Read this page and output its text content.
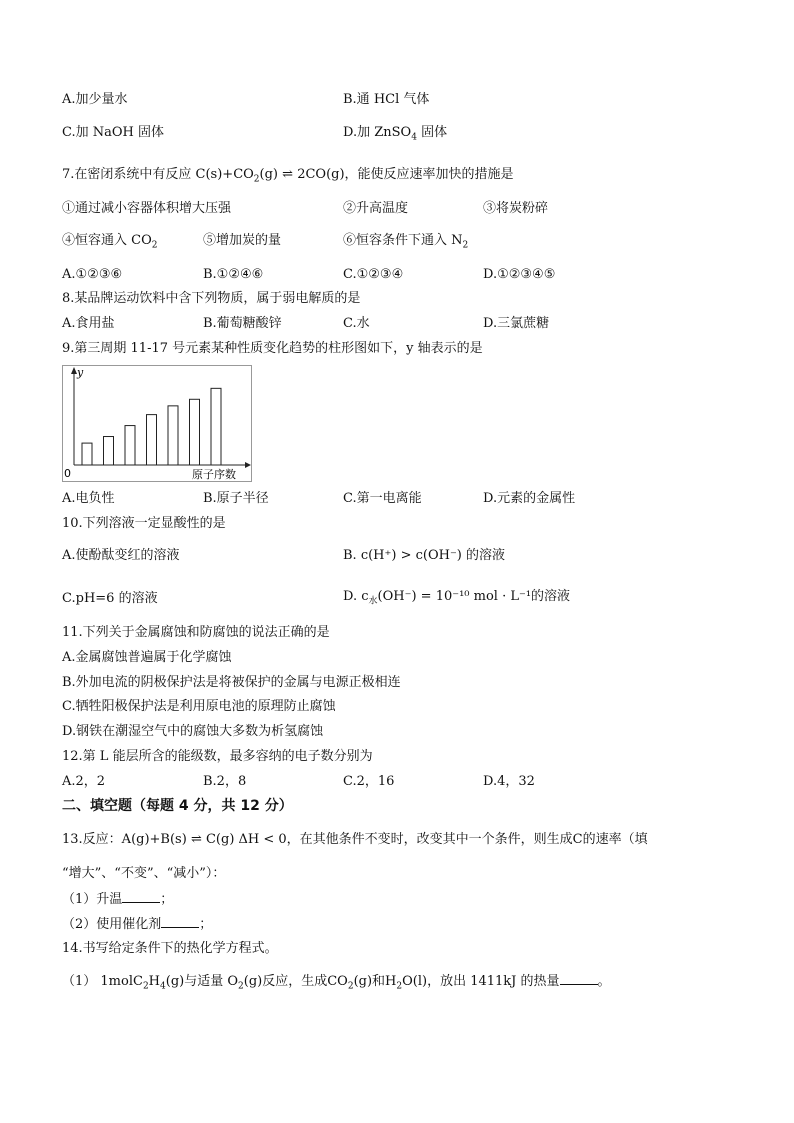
A.加少量水	B.通 HCl 气体
C.加 NaOH 固体	D.加 ZnSO$_4$ 固体
7.在密闭系统中有反应 $C(s)+CO_2(g)$ ⇌ 2CO(g)，能使反应速率加快的措施是
①通过减小容器体积增大压强	②升高温度	③将炭粉碎
④恒容通入 $CO_2$	⑤增加炭的量	⑥恒容条件下通入 $N_2$
A.①②③⑥	B.①②④⑥	C.①②③④	D.①②③④⑤
8.某品牌运动饮料中含下列物质，属于弱电解质的是
A.食用盐	B.葡萄糖酸锌	C.水	D.三氯蔗糖
9.第三周期 11-17 号元素某种性质变化趋势的柱形图如下，y 轴表示的是
y
0	原子序数
A.电负性	B.原子半径	C.第一电离能	D.元素的金属性
10.下列溶液一定显酸性的是
A.使酚酞变红的溶液	B. c(H⁺) > c(OH⁻) 的溶液
C.pH=6 的溶液	D. $c_水(OH^-) = 10^{-10}$ mol · L⁻¹的溶液
11.下列关于金属腐蚀和防腐蚀的说法正确的是
A.金属腐蚀普遍属于化学腐蚀
B.外加电流的阴极保护法是将被保护的金属与电源正极相连
C.牺牲阳极保护法是利用原电池的原理防止腐蚀
D.钢铁在潮湿空气中的腐蚀大多数为析氢腐蚀
12.第 L 能层所含的能级数，最多容纳的电子数分别为
A.2，2	B.2，8	C.2，16	D.4，32
二、填空题（每题 4 分，共 12 分）
13.反应：A(g)+B(s) ⇌ C(g) ΔH < 0，在其他条件不变时，改变其中一个条件，则生成C的速率（填
“增大”、“不变”、“减小”）：
（1）升温	；
（2）使用催化剂	；
14.书写给定条件下的热化学方程式。
（1） $1molC_2H_4(g)$与适量 $O_2(g)$反应，生成$CO_2(g)$和$H_2O(l)$，放出 1411kJ 的热量	。
